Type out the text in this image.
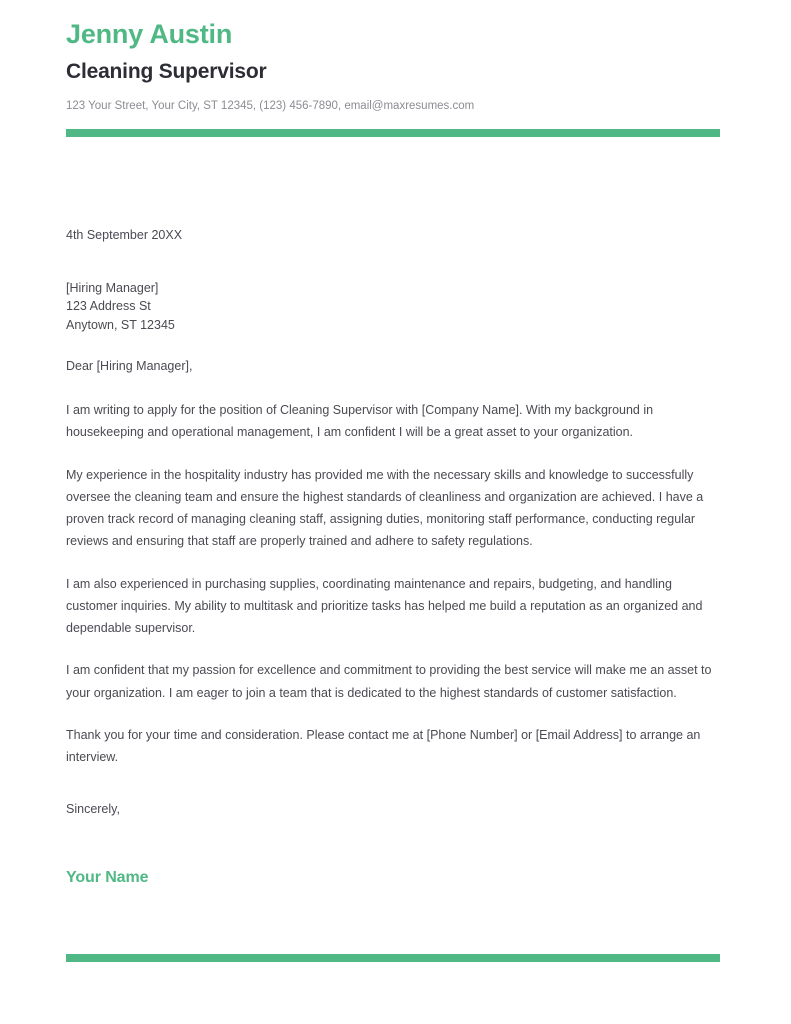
Jenny Austin
Cleaning Supervisor

123 Your Street, Your City, ST 12345, (123) 456-7890, email@maxresumes.com

4th September 20XX

[Hiring Manager]
123 Address St
Anytown, ST 12345

Dear [Hiring Manager],

I am writing to apply for the position of Cleaning Supervisor with [Company Name]. With my background in housekeeping and operational management, I am confident I will be a great asset to your organization.

My experience in the hospitality industry has provided me with the necessary skills and knowledge to successfully oversee the cleaning team and ensure the highest standards of cleanliness and organization are achieved. I have a proven track record of managing cleaning staff, assigning duties, monitoring staff performance, conducting regular reviews and ensuring that staff are properly trained and adhere to safety regulations.

I am also experienced in purchasing supplies, coordinating maintenance and repairs, budgeting, and handling customer inquiries. My ability to multitask and prioritize tasks has helped me build a reputation as an organized and dependable supervisor.

I am confident that my passion for excellence and commitment to providing the best service will make me an asset to your organization. I am eager to join a team that is dedicated to the highest standards of customer satisfaction.

Thank you for your time and consideration. Please contact me at [Phone Number] or [Email Address] to arrange an interview.

Sincerely,
Your Name
